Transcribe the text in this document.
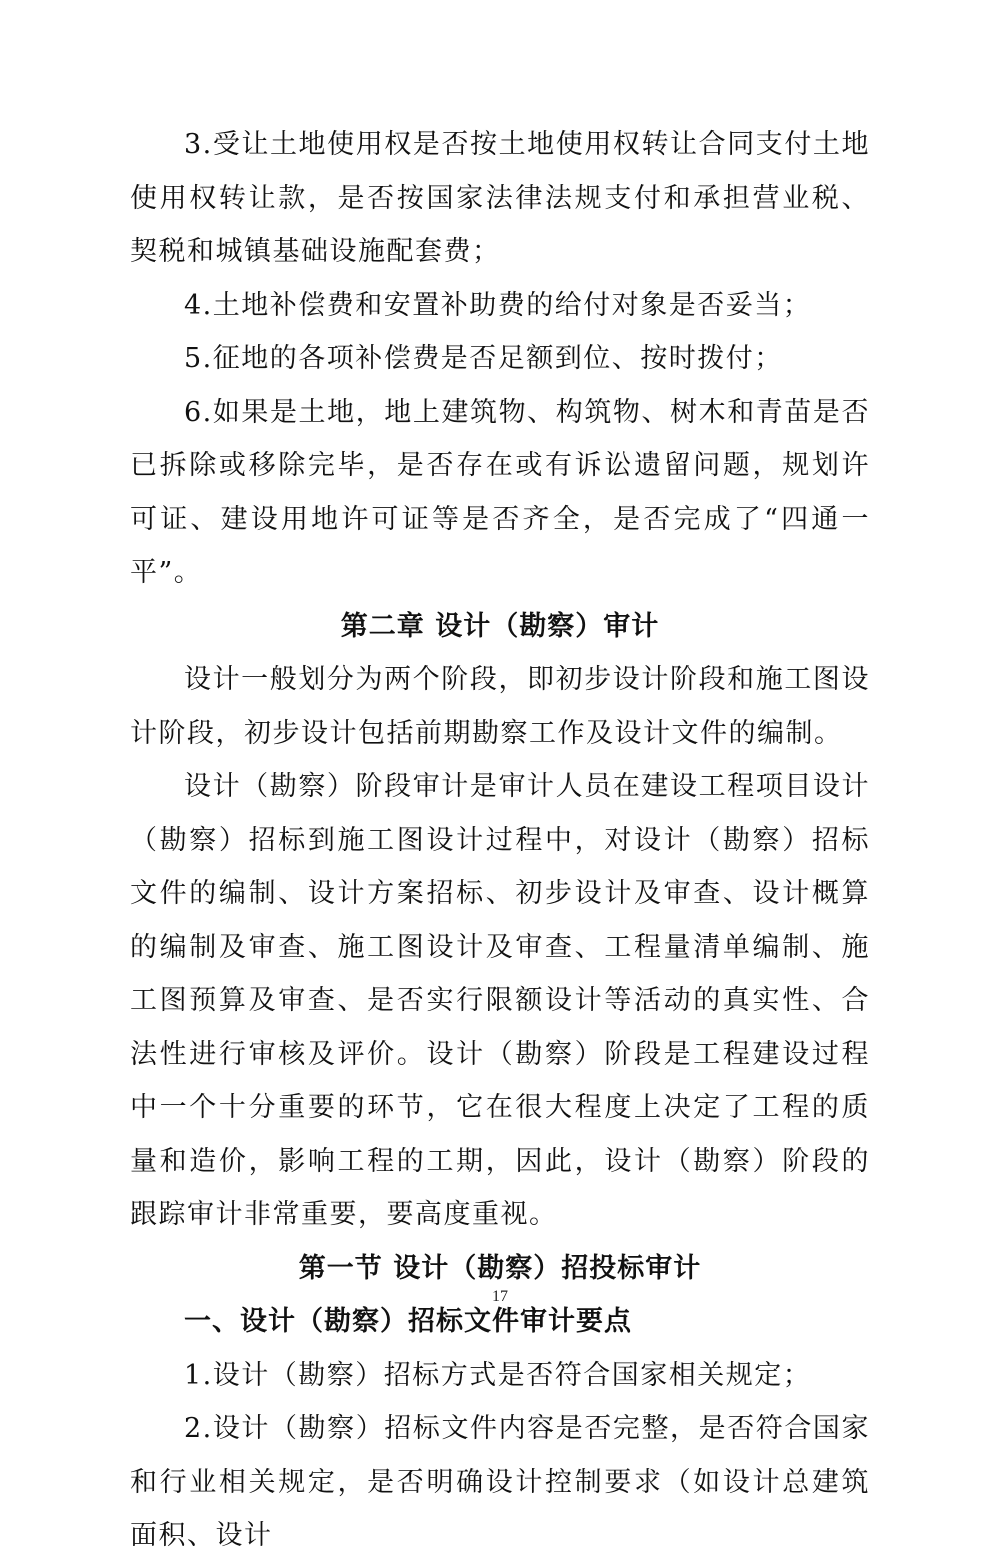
3.受让土地使用权是否按土地使用权转让合同支付土地使用权转让款，是否按国家法律法规支付和承担营业税、契税和城镇基础设施配套费；

4.土地补偿费和安置补助费的给付对象是否妥当；

5.征地的各项补偿费是否足额到位、按时拨付；

6.如果是土地，地上建筑物、构筑物、树木和青苗是否已拆除或移除完毕，是否存在或有诉讼遗留问题，规划许可证、建设用地许可证等是否齐全，是否完成了“四通一平”。

第二章 设计（勘察）审计

设计一般划分为两个阶段，即初步设计阶段和施工图设计阶段，初步设计包括前期勘察工作及设计文件的编制。

设计（勘察）阶段审计是审计人员在建设工程项目设计（勘察）招标到施工图设计过程中，对设计（勘察）招标文件的编制、设计方案招标、初步设计及审查、设计概算的编制及审查、施工图设计及审查、工程量清单编制、施工图预算及审查、是否实行限额设计等活动的真实性、合法性进行审核及评价。设计（勘察）阶段是工程建设过程中一个十分重要的环节，它在很大程度上决定了工程的质量和造价，影响工程的工期，因此，设计（勘察）阶段的跟踪审计非常重要，要高度重视。

第一节 设计（勘察）招投标审计

一、设计（勘察）招标文件审计要点

1.设计（勘察）招标方式是否符合国家相关规定；

2.设计（勘察）招标文件内容是否完整，是否符合国家和行业相关规定，是否明确设计控制要求（如设计总建筑面积、设计

17
